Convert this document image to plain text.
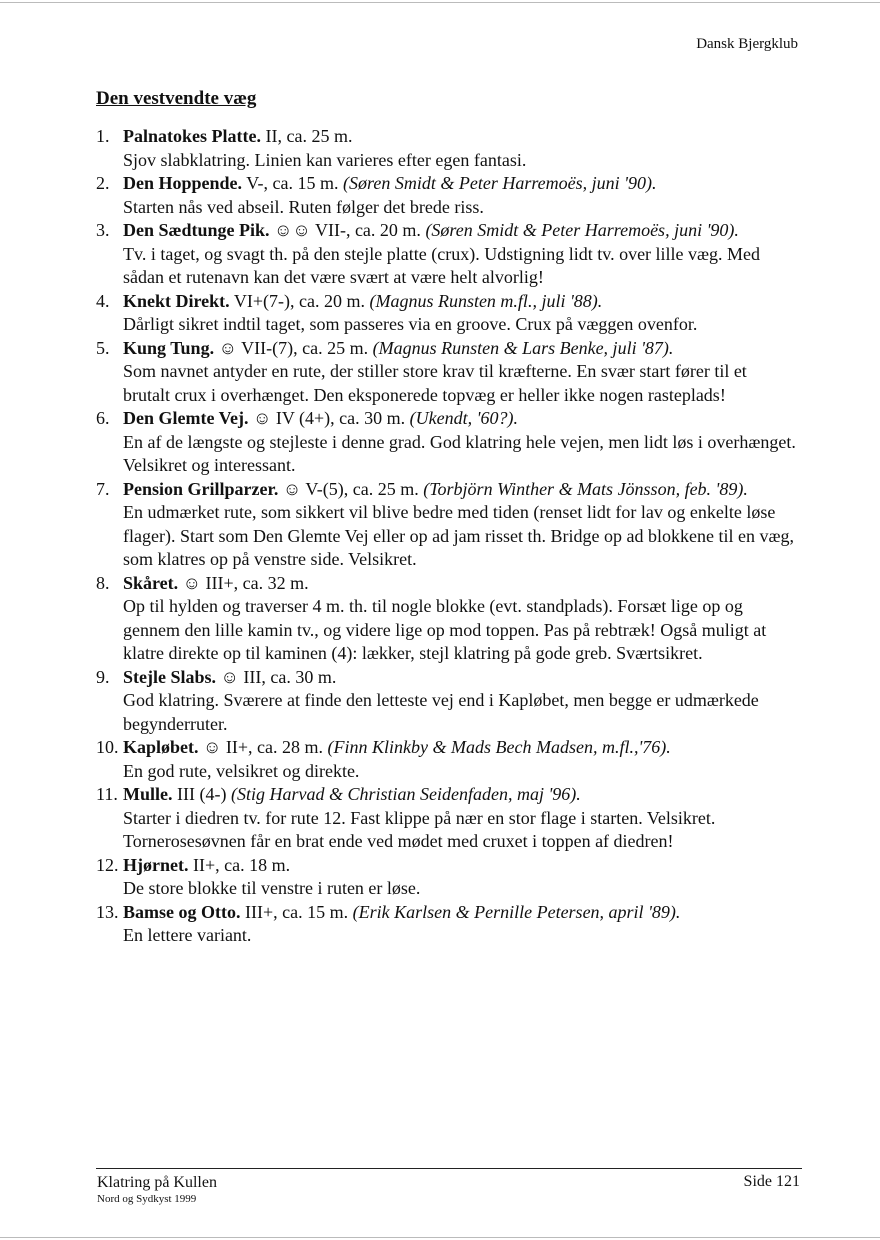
Dansk Bjergklub
Den vestvendte væg
1. Palnatokes Platte. II, ca. 25 m.
Sjov slabklatring. Linien kan varieres efter egen fantasi.
2. Den Hoppende. V-, ca. 15 m. (Søren Smidt & Peter Harremoës, juni '90).
Starten nås ved abseil. Ruten følger det brede riss.
3. Den Sædtunge Pik. ☺☺ VII-, ca. 20 m. (Søren Smidt & Peter Harremoës, juni '90).
Tv. i taget, og svagt th. på den stejle platte (crux). Udstigning lidt tv. over lille væg. Med sådan et rutenavn kan det være svært at være helt alvorlig!
4. Knekt Direkt. VI+(7-), ca. 20 m. (Magnus Runsten m.fl., juli '88).
Dårligt sikret indtil taget, som passeres via en groove. Crux på væggen ovenfor.
5. Kung Tung. ☺ VII-(7), ca. 25 m. (Magnus Runsten & Lars Benke, juli '87).
Som navnet antyder en rute, der stiller store krav til kræfterne. En svær start fører til et brutalt crux i overhænget. Den eksponerede topvæg er heller ikke nogen rasteplads!
6. Den Glemte Vej. ☺ IV (4+), ca. 30 m. (Ukendt, '60?).
En af de længste og stejleste i denne grad. God klatring hele vejen, men lidt løs i overhænget. Velsikret og interessant.
7. Pension Grillparzer. ☺ V-(5), ca. 25 m. (Torbjörn Winther & Mats Jönsson, feb. '89).
En udmærket rute, som sikkert vil blive bedre med tiden (renset lidt for lav og enkelte løse flager). Start som Den Glemte Vej eller op ad jam risset th. Bridge op ad blokkene til en væg, som klatres op på venstre side. Velsikret.
8. Skåret. ☺ III+, ca. 32 m.
Op til hylden og traverser 4 m. th. til nogle blokke (evt. standplads). Forsæt lige op og gennem den lille kamin tv., og videre lige op mod toppen. Pas på rebtræk! Også muligt at klatre direkte op til kaminen (4): lækker, stejl klatring på gode greb. Sværtsikret.
9. Stejle Slabs. ☺ III, ca. 30 m.
God klatring. Sværere at finde den letteste vej end i Kapløbet, men begge er udmærkede begynderruter.
10. Kapløbet. ☺ II+, ca. 28 m. (Finn Klinkby & Mads Bech Madsen, m.fl.,'76).
En god rute, velsikret og direkte.
11. Mulle. III (4-) (Stig Harvad & Christian Seidenfaden, maj '96).
Starter i diedren tv. for rute 12. Fast klippe på nær en stor flage i starten. Velsikret. Tornerosesøvnen får en brat ende ved mødet med cruxet i toppen af diedren!
12. Hjørnet. II+, ca. 18 m.
De store blokke til venstre i ruten er løse.
13. Bamse og Otto. III+, ca. 15 m. (Erik Karlsen & Pernille Petersen, april '89).
En lettere variant.
Klatring på Kullen
Nord og Sydkyst 1999
Side 121
